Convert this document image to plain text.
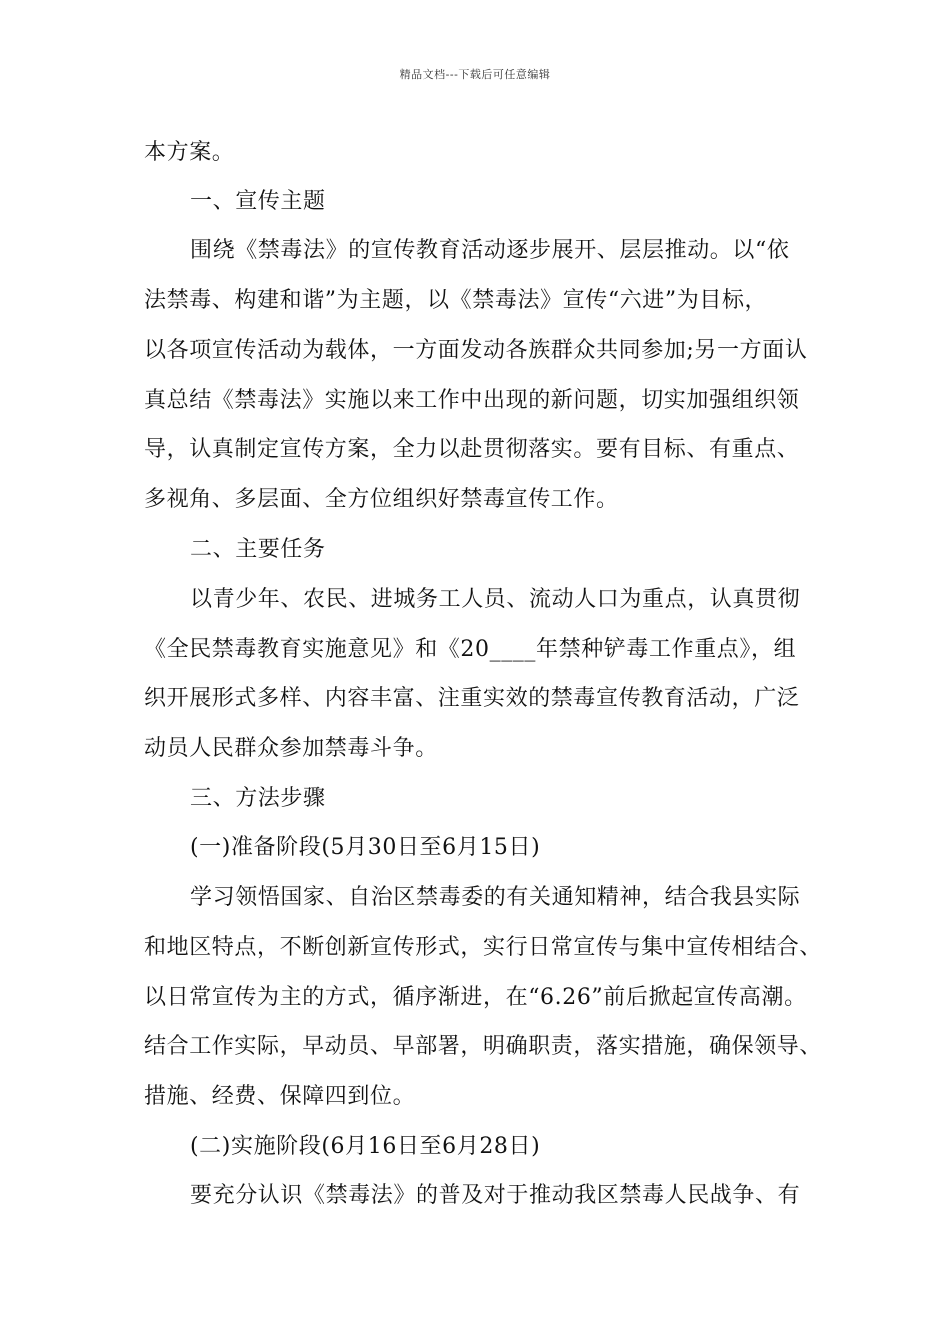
精品文档---下载后可任意编辑
本方案。
一、宣传主题
围绕《禁毒法》的宣传教育活动逐步展开、层层推动。以“依
法禁毒、构建和谐”为主题，以《禁毒法》宣传“六进”为目标，
以各项宣传活动为载体，一方面发动各族群众共同参加;另一方面认
真总结《禁毒法》实施以来工作中出现的新问题，切实加强组织领
导，认真制定宣传方案，全力以赴贯彻落实。要有目标、有重点、
多视角、多层面、全方位组织好禁毒宣传工作。
二、主要任务
以青少年、农民、进城务工人员、流动人口为重点，认真贯彻
《全民禁毒教育实施意见》和《20____年禁种铲毒工作重点》，组
织开展形式多样、内容丰富、注重实效的禁毒宣传教育活动，广泛
动员人民群众参加禁毒斗争。
三、方法步骤
(一)准备阶段(5月30日至6月15日)
学习领悟国家、自治区禁毒委的有关通知精神，结合我县实际
和地区特点，不断创新宣传形式，实行日常宣传与集中宣传相结合、
以日常宣传为主的方式，循序渐进，在“6.26”前后掀起宣传高潮。
结合工作实际，早动员、早部署，明确职责，落实措施，确保领导、
措施、经费、保障四到位。
(二)实施阶段(6月16日至6月28日)
要充分认识《禁毒法》的普及对于推动我区禁毒人民战争、有
